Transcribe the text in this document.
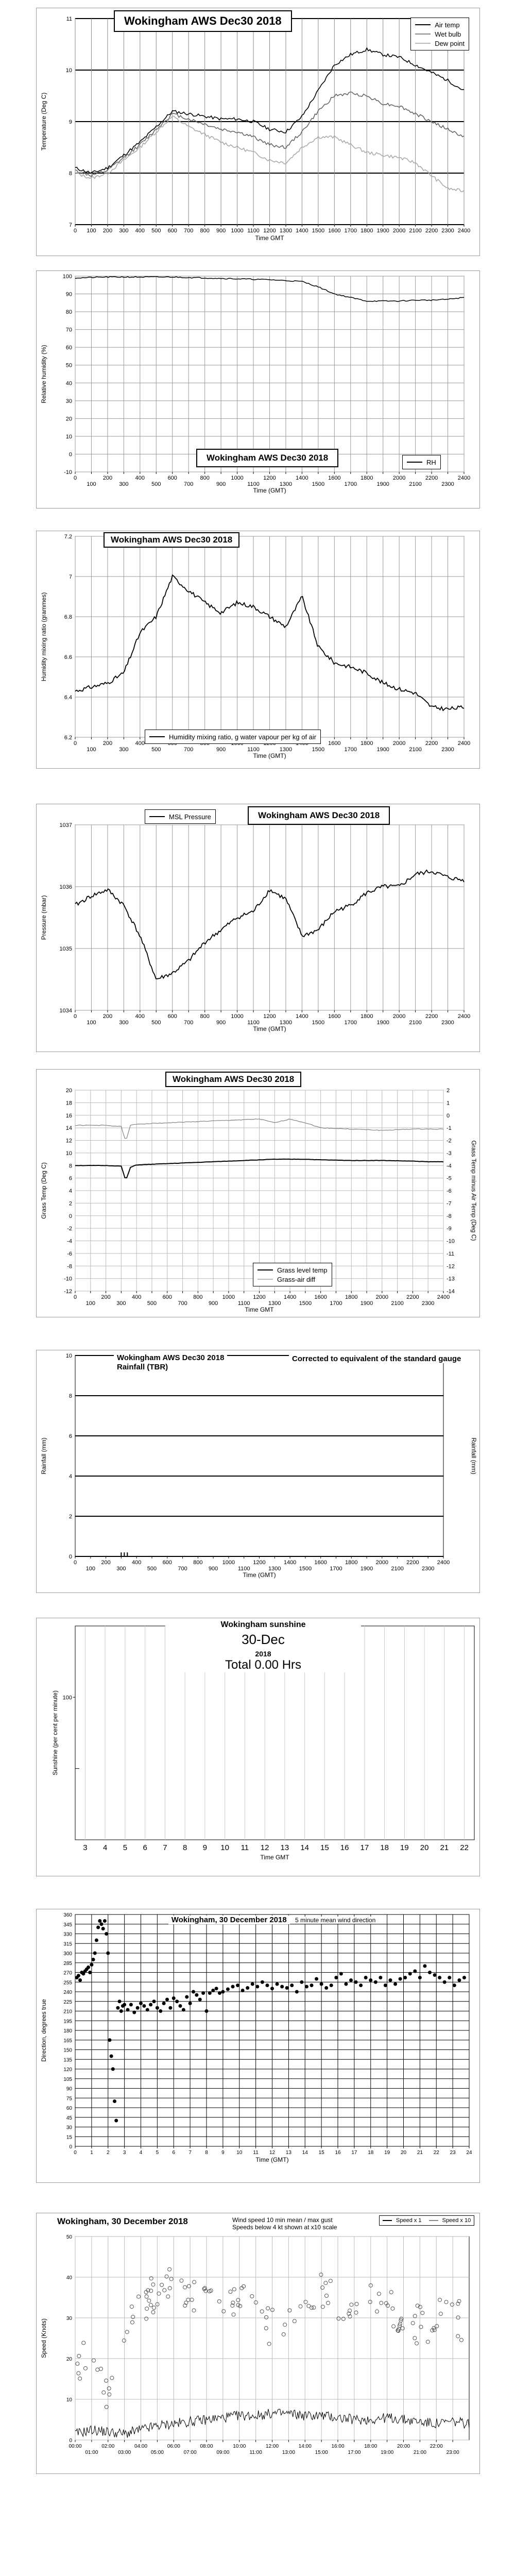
7
8
9
10
11
0 100 200 300 400 500 600 700 800 900 1000 1100 1200 1300 1400 1500 1600 1700 1800 1900 2000 2100 2200 2300 2400
Time GMT
Temperature (Deg C)
Wokingham AWS Dec30 2018	Air temp
Wet bulb
Dew point
100
90
80
70
60
50
40
30
20
10
0
-10
0
100
200
300
400
500
600
700
800
900
1000
1100
1200
1300
1400
1500
1600
1700
1800
1900
2000
2100
2200
2300
2400
Time (GMT)
Relative humidity (%)
Wokingham AWS Dec30 2018	RH
7.2
7
6.8
6.6
6.4
6.2
0
100
200
300
400
500	700	900	1100	1300	1500
1600
1700
1800
1900
2000
2100
2200
2300
2400
Time (GMT)
Humidity mixing ratio (grammes)
Wokingham AWS Dec30 2018
Humidity mixing ratio, g water vapour per kg of air
1037
1036
1035
1034
0
100
200
300
400
500
600
700
800
900
1000
1100
1200
1300
1400
1500
1600
1700
1800
1900
2000
2100
2200
2300
2400
Time (GMT)
Pressure (mbar)
MSL Pressure	Wokingham AWS Dec30 2018
20
18
16
14
12
10
8
6
4
2
0
-2
-4
-6
-8
-10
-12
0
100
200
300
400
500
600
700
800
900
1000
1100
1200
1300
1400
1500
1600
1700
1800
1900
2000
2100
2200
2300
2400
Time GMT
Grass Temp (Deg C)
2
1
0
-1
-2
-3
-4
-5
-6
-7
-8
-9
-10
-11
-12
-13
-14
Grass Temp minus Air Temp (Deg C)
Wokingham AWS Dec30 2018
Grass level temp
Grass-air diff
10
8
6
4
2
0
0
100
200
300
400
500
600
700
800
900
1000
1100
1200
1300
1400
1500
1600
1700
1800
1900
2000
2100
2200
2300
2400
Time (GMT)
Rainfall (mm)	Rainfall (mm)
Wokingham AWS Dec30 2018
Rainfall (TBR)
Corrected to equivalent of the standard gauge
3 4 5 6 7 8 9 10 11 12 13 14 15 16 17 18 19 20 21 22
100
Time GMT
Sunshine (per cent per minute)
Wokingham sunshine
30-Dec
2018
Total 0.00 Hrs
360
345
330
315
300
285
270
255
240
225
210
195
180
165
150
135
120
105
90
75
60
45
30
15
0
0	1	2	3	4	5	6	7	8	9 10 11 12 13 14 15 16 17 18 19 20 21 22 23 24
Time (GMT)
Direction, degrees true
Wokingham, 30 December 2018 5 minute mean wind direction
50
40
30
20
10
0
00:00
01:00
02:00
03:00
04:00
05:00
06:00
07:00
08:00
09:00
10:00
11:00
12:00
13:00
14:00
15:00
16:00
17:00
18:00
19:00
20:00
21:00
22:00
23:00
Speed (Knots)
Wokingham, 30 December 2018	Wind speed 10 min mean / max gust
Speeds below 4 kt shown at x10 scale
Speed x 1	Speed x 10
